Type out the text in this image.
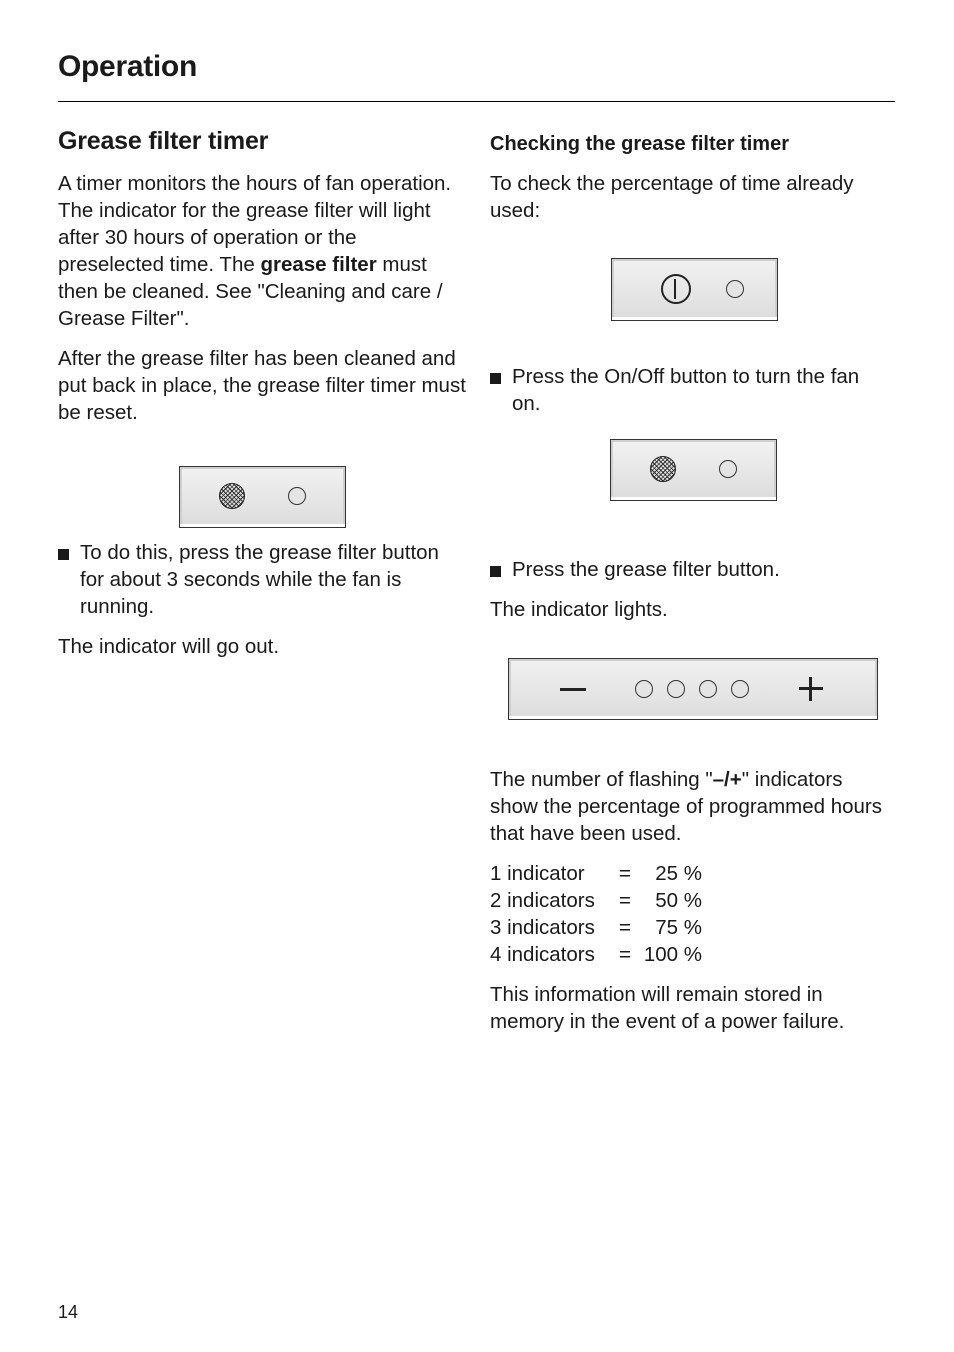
Operation
Grease filter timer

A timer monitors the hours of fan operation. The indicator for the grease filter will light after 30 hours of operation or the preselected time. The grease filter must then be cleaned. See "Cleaning and care / Grease Filter".

After the grease filter has been cleaned and put back in place, the grease filter timer must be reset.

To do this, press the grease filter button for about 3 seconds while the fan is running.

The indicator will go out.

Checking the grease filter timer

To check the percentage of time already used:

Press the On/Off button to turn the fan on.
Press the grease filter button.

The indicator lights.

The number of flashing "–/+" indicators show the percentage of programmed hours that have been used.

1 indicator	=	25 %
2 indicators	=	50 %
3 indicators	=	75 %
4 indicators	=	100 %

This information will remain stored in memory in the event of a power failure.

14
